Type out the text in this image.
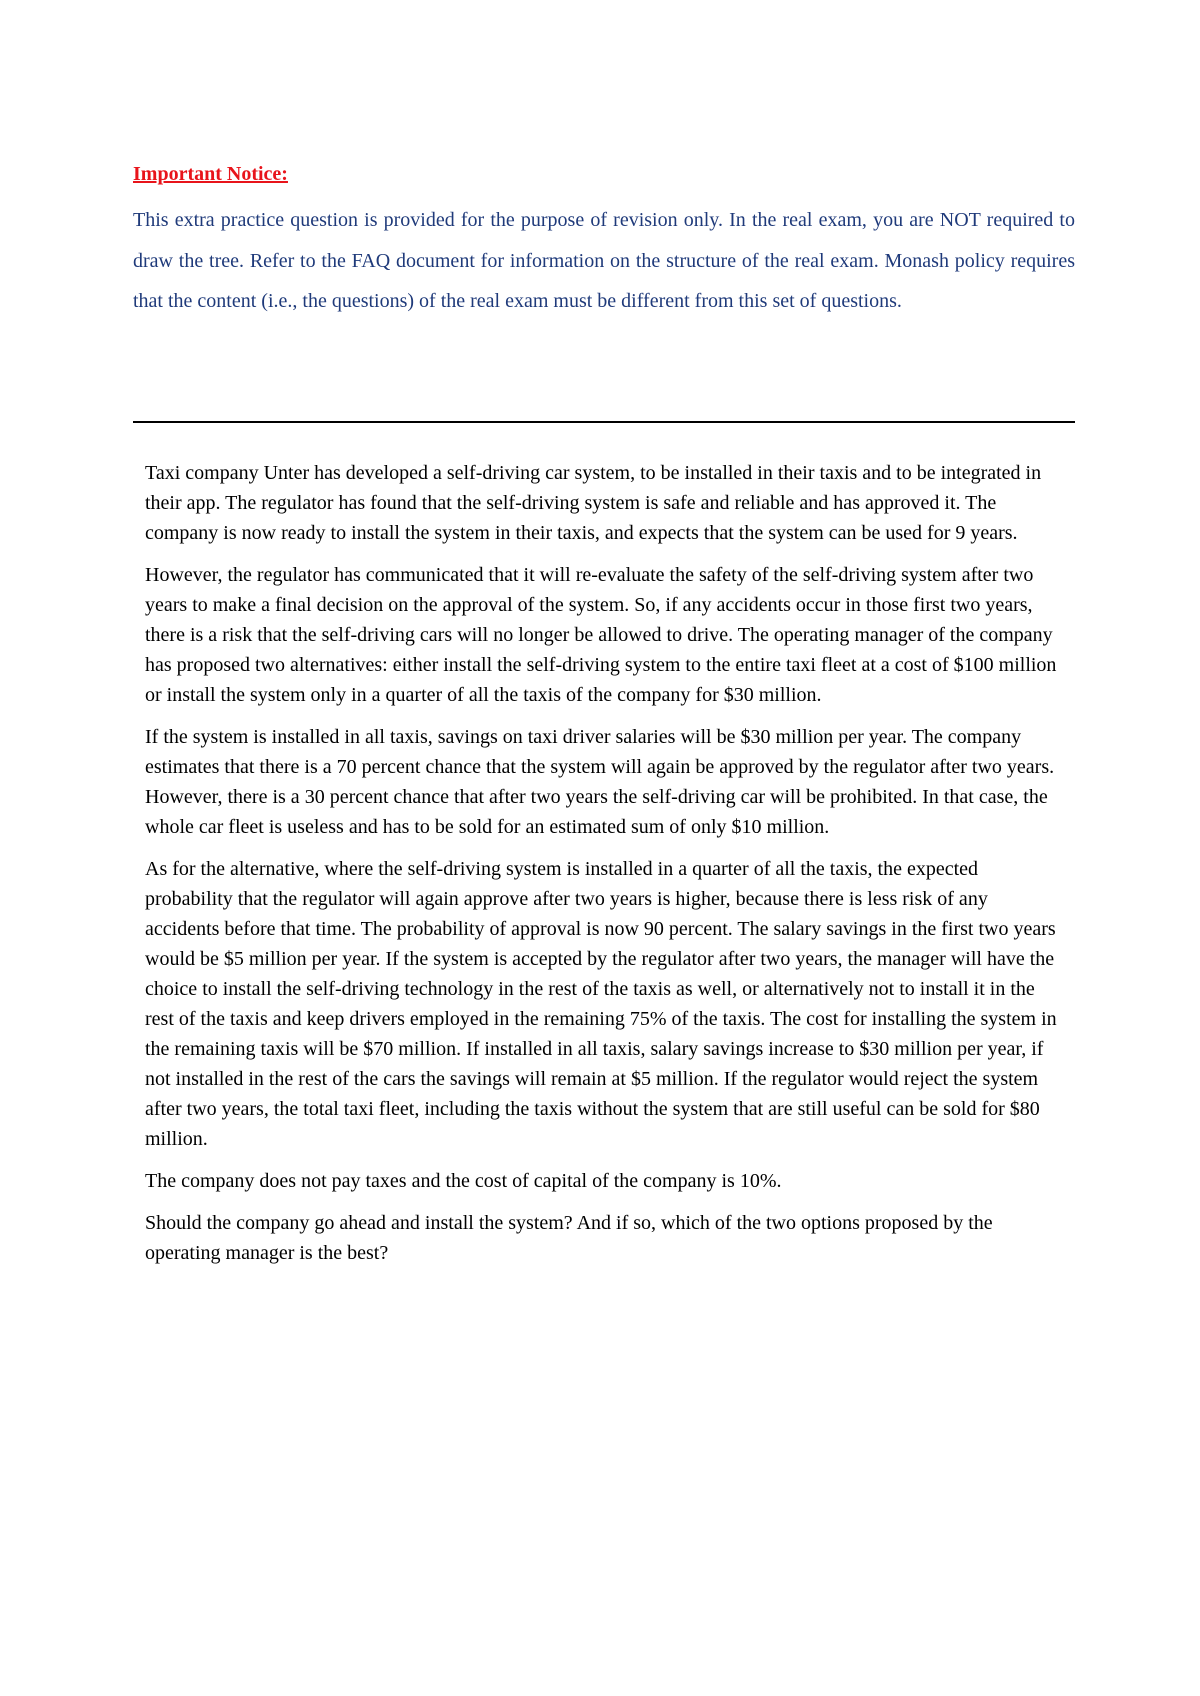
Important Notice:

This extra practice question is provided for the purpose of revision only. In the real exam, you are NOT required to draw the tree. Refer to the FAQ document for information on the structure of the real exam. Monash policy requires that the content (i.e., the questions) of the real exam must be different from this set of questions.

Taxi company Unter has developed a self-driving car system, to be installed in their taxis and to be integrated in their app. The regulator has found that the self-driving system is safe and reliable and has approved it. The company is now ready to install the system in their taxis, and expects that the system can be used for 9 years.

However, the regulator has communicated that it will re-evaluate the safety of the self-driving system after two years to make a final decision on the approval of the system. So, if any accidents occur in those first two years, there is a risk that the self-driving cars will no longer be allowed to drive. The operating manager of the company has proposed two alternatives: either install the self-driving system to the entire taxi fleet at a cost of $100 million or install the system only in a quarter of all the taxis of the company for $30 million.

If the system is installed in all taxis, savings on taxi driver salaries will be $30 million per year. The company estimates that there is a 70 percent chance that the system will again be approved by the regulator after two years. However, there is a 30 percent chance that after two years the self-driving car will be prohibited. In that case, the whole car fleet is useless and has to be sold for an estimated sum of only $10 million.

As for the alternative, where the self-driving system is installed in a quarter of all the taxis, the expected probability that the regulator will again approve after two years is higher, because there is less risk of any accidents before that time. The probability of approval is now 90 percent. The salary savings in the first two years would be $5 million per year. If the system is accepted by the regulator after two years, the manager will have the choice to install the self-driving technology in the rest of the taxis as well, or alternatively not to install it in the rest of the taxis and keep drivers employed in the remaining 75% of the taxis. The cost for installing the system in the remaining taxis will be $70 million. If installed in all taxis, salary savings increase to $30 million per year, if not installed in the rest of the cars the savings will remain at $5 million. If the regulator would reject the system after two years, the total taxi fleet, including the taxis without the system that are still useful can be sold for $80 million.

The company does not pay taxes and the cost of capital of the company is 10%.

Should the company go ahead and install the system? And if so, which of the two options proposed by the operating manager is the best?
